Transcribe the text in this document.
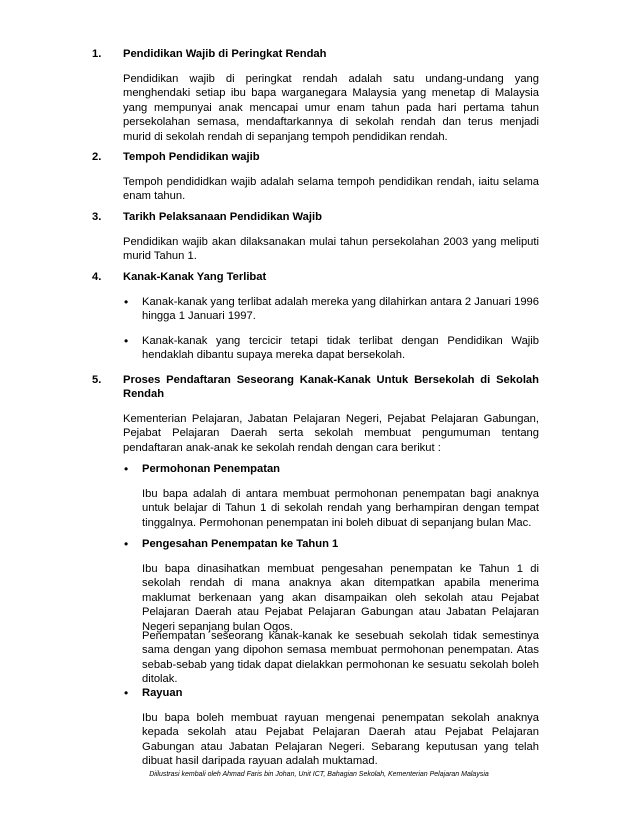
1. Pendidikan Wajib di Peringkat Rendah
Pendidikan wajib di peringkat rendah adalah satu undang-undang yang menghendaki setiap ibu bapa warganegara Malaysia yang menetap di Malaysia yang mempunyai anak mencapai umur enam tahun pada hari pertama tahun persekolahan semasa, mendaftarkannya di sekolah rendah dan terus menjadi murid di sekolah rendah di sepanjang tempoh pendidikan rendah.
2. Tempoh Pendidikan wajib
Tempoh pendididkan wajib adalah selama tempoh pendidikan rendah, iaitu selama enam tahun.
3. Tarikh Pelaksanaan Pendidikan Wajib
Pendidikan wajib akan dilaksanakan mulai tahun persekolahan 2003 yang meliputi murid Tahun 1.
4. Kanak-Kanak Yang Terlibat
• Kanak-kanak yang terlibat adalah mereka yang dilahirkan antara 2 Januari 1996 hingga 1 Januari 1997.
• Kanak-kanak yang tercicir tetapi tidak terlibat dengan Pendidikan Wajib hendaklah dibantu supaya mereka dapat bersekolah.
5. Proses Pendaftaran Seseorang Kanak-Kanak Untuk Bersekolah di Sekolah Rendah
Kementerian Pelajaran, Jabatan Pelajaran Negeri, Pejabat Pelajaran Gabungan, Pejabat Pelajaran Daerah serta sekolah membuat pengumuman tentang pendaftaran anak-anak ke sekolah rendah dengan cara berikut :
• Permohonan Penempatan
Ibu bapa adalah di antara membuat permohonan penempatan bagi anaknya untuk belajar di Tahun 1 di sekolah rendah yang berhampiran dengan tempat tinggalnya. Permohonan penempatan ini boleh dibuat di sepanjang bulan Mac.
• Pengesahan Penempatan ke Tahun 1
Ibu bapa dinasihatkan membuat pengesahan penempatan ke Tahun 1 di sekolah rendah di mana anaknya akan ditempatkan apabila menerima maklumat berkenaan yang akan disampaikan oleh sekolah atau Pejabat Pelajaran Daerah atau Pejabat Pelajaran Gabungan atau Jabatan Pelajaran Negeri sepanjang bulan Ogos.
Penempatan seseorang kanak-kanak ke sesebuah sekolah tidak semestinya sama dengan yang dipohon semasa membuat permohonan penempatan. Atas sebab-sebab yang tidak dapat dielakkan permohonan ke sesuatu sekolah boleh ditolak.
• Rayuan
Ibu bapa boleh membuat rayuan mengenai penempatan sekolah anaknya kepada sekolah atau Pejabat Pelajaran Daerah atau Pejabat Pelajaran Gabungan atau Jabatan Pelajaran Negeri. Sebarang keputusan yang telah dibuat hasil daripada rayuan adalah muktamad.
Diilustrasi kembali oleh Ahmad Faris bin Johan, Unit ICT, Bahagian Sekolah, Kementerian Pelajaran Malaysia
